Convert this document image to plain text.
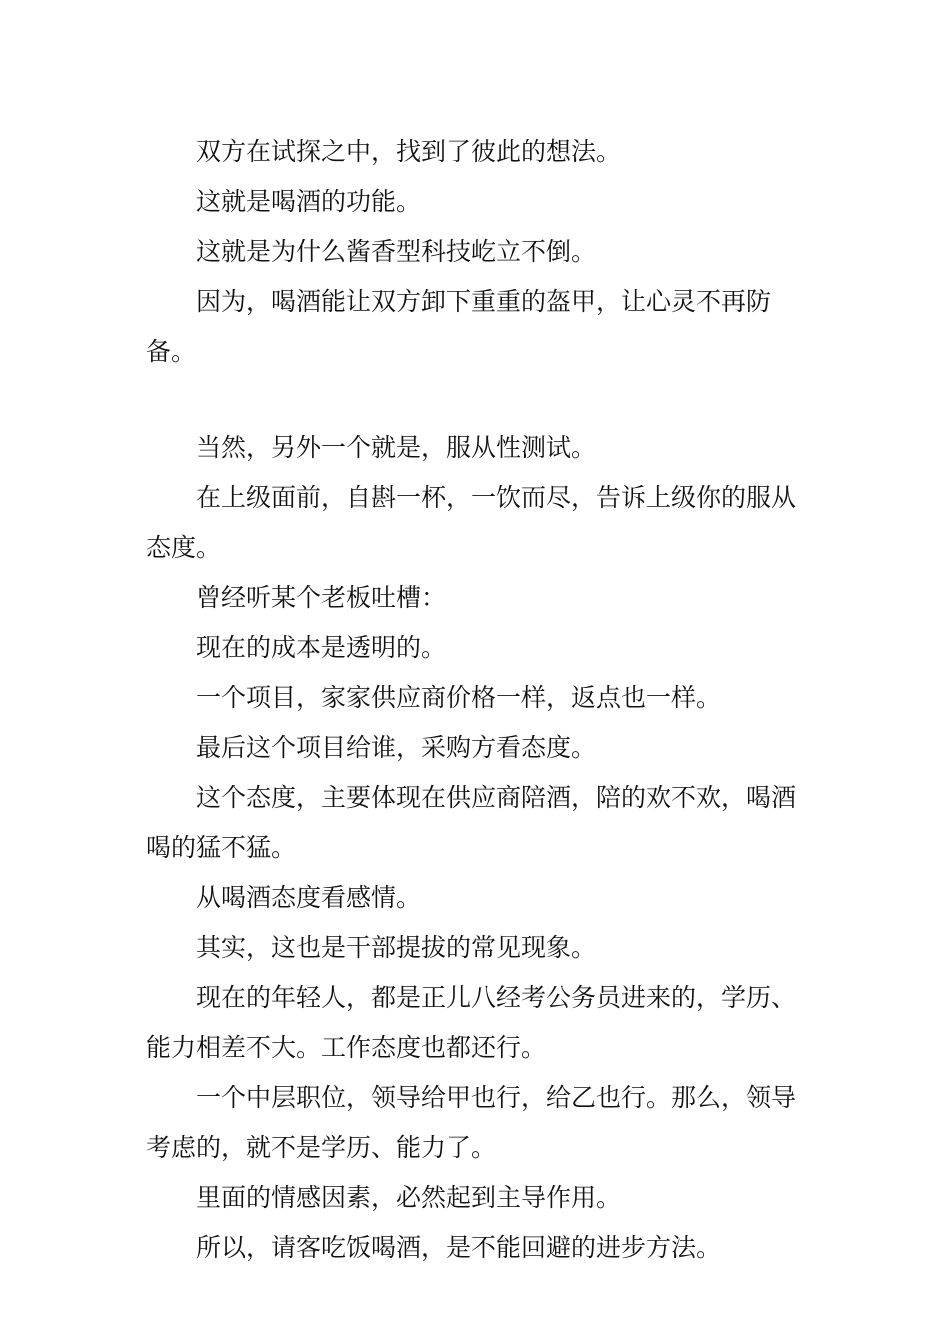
双方在试探之中，找到了彼此的想法。

这就是喝酒的功能。

这就是为什么酱香型科技屹立不倒。

因为，喝酒能让双方卸下重重的盔甲，让心灵不再防备。

当然，另外一个就是，服从性测试。

在上级面前，自斟一杯，一饮而尽，告诉上级你的服从态度。

曾经听某个老板吐槽：

现在的成本是透明的。

一个项目，家家供应商价格一样，返点也一样。

最后这个项目给谁，采购方看态度。

这个态度，主要体现在供应商陪酒，陪的欢不欢，喝酒喝的猛不猛。

从喝酒态度看感情。

其实，这也是干部提拔的常见现象。

现在的年轻人，都是正儿八经考公务员进来的，学历、能力相差不大。工作态度也都还行。

一个中层职位，领导给甲也行，给乙也行。那么，领导考虑的，就不是学历、能力了。

里面的情感因素，必然起到主导作用。

所以，请客吃饭喝酒，是不能回避的进步方法。
